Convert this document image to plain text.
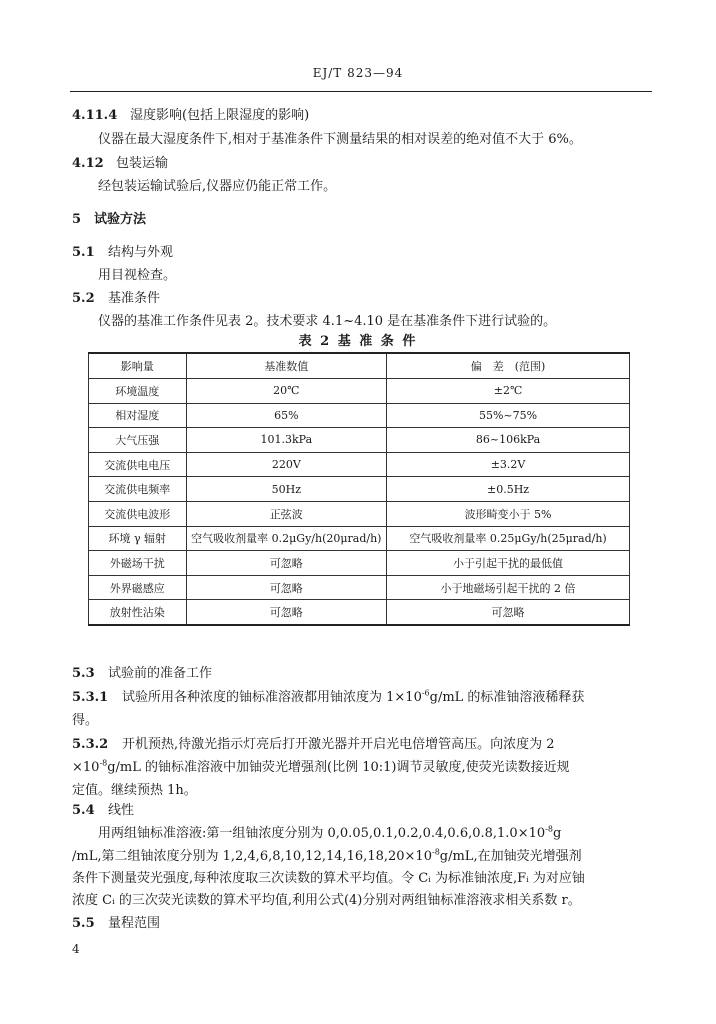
EJ/T 823—94
4.11.4 湿度影响(包括上限湿度的影响)
仪器在最大湿度条件下,相对于基准条件下测量结果的相对误差的绝对值不大于 6%。
4.12 包装运输
经包装运输试验后,仪器应仍能正常工作。
5 试验方法
5.1 结构与外观
用目视检查。
5.2 基准条件
仪器的基准工作条件见表 2。技术要求 4.1~4.10 是在基准条件下进行试验的。
表 2 基 准 条 件
影响量	基准数值	偏　差　(范围)
环境温度	20℃	±2℃
相对湿度	65%	55%~75%
大气压强	101.3kPa	86~106kPa
交流供电电压	220V	±3.2V
交流供电频率	50Hz	±0.5Hz
交流供电波形	正弦波	波形畸变小于 5%
环境 γ 辐射	空气吸收剂量率 0.2μGy/h(20μrad/h)	空气吸收剂量率 0.25μGy/h(25μrad/h)
外磁场干扰	可忽略	小于引起干扰的最低值
外界磁感应	可忽略	小于地磁场引起干扰的 2 倍
放射性沾染	可忽略	可忽略
5.3 试验前的准备工作
5.3.1 试验所用各种浓度的铀标准溶液都用铀浓度为 $1\times 10^{-6}g/mL$ 的标准铀溶液稀释获
得。
5.3.2 开机预热,待激光指示灯亮后打开激光器并开启光电倍增管高压。向浓度为 2
$\times 10^{-8}g/mL$ 的铀标准溶液中加铀荧光增强剂(比例 10:1)调节灵敏度,使荧光读数接近规
定值。继续预热 1h。
5.4 线性
用两组铀标准溶液:第一组铀浓度分别为 $0,0.05,0.1,0.2,0.4,0.6,0.8,1.0\times 10^{-8}g$
/mL,第二组铀浓度分别为 $1,2,4,6,8,10,12,14,16,18,20\times 10^{-8}g/mL$,在加铀荧光增强剂
条件下测量荧光强度,每种浓度取三次读数的算术平均值。令 Cᵢ 为标准铀浓度,Fᵢ 为对应铀
浓度 Cᵢ 的三次荧光读数的算术平均值,利用公式(4)分别对两组铀标准溶液求相关系数 r。
5.5 量程范围
4
